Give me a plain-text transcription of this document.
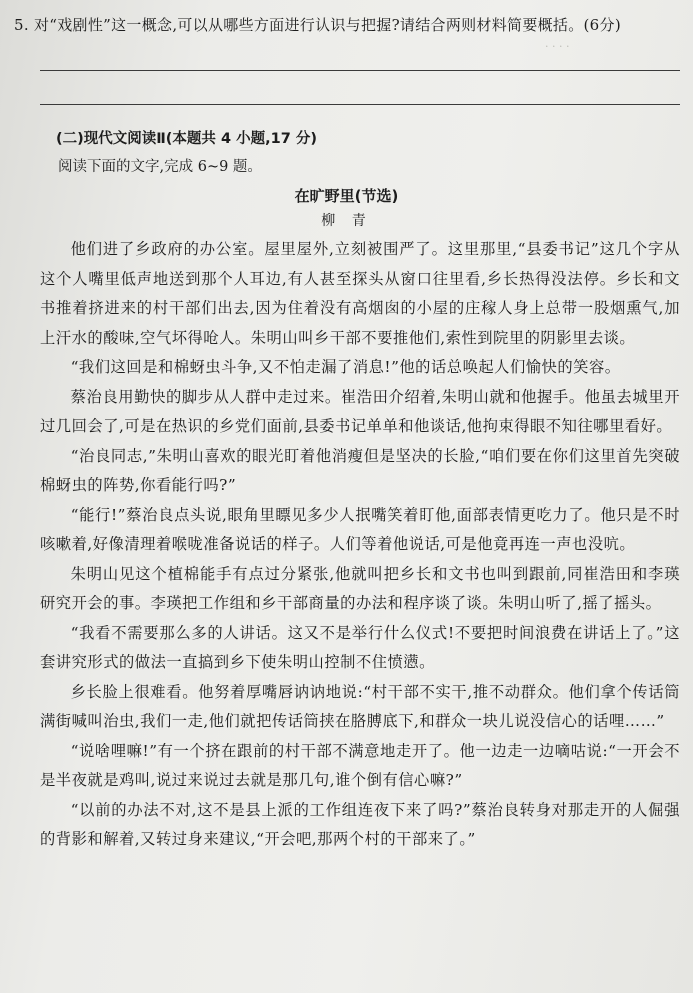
· · · ·
5. 对“戏剧性”这一概念,可以从哪些方面进行认识与把握?请结合两则材料简要概括。(6分)
(二)现代文阅读Ⅱ(本题共 4 小题,17 分)
阅读下面的文字,完成 6~9 题。
在旷野里(节选)
柳 青

他们进了乡政府的办公室。屋里屋外,立刻被围严了。这里那里,“县委书记”这几个字从这个人嘴里低声地送到那个人耳边,有人甚至探头从窗口往里看,乡长热得没法停。乡长和文书推着挤进来的村干部们出去,因为住着没有高烟囱的小屋的庄稼人身上总带一股烟熏气,加上汗水的酸味,空气坏得呛人。朱明山叫乡干部不要推他们,索性到院里的阴影里去谈。

“我们这回是和棉蚜虫斗争,又不怕走漏了消息!”他的话总唤起人们愉快的笑容。

蔡治良用勤快的脚步从人群中走过来。崔浩田介绍着,朱明山就和他握手。他虽去城里开过几回会了,可是在热识的乡党们面前,县委书记单单和他谈话,他拘束得眼不知往哪里看好。

“治良同志,”朱明山喜欢的眼光盯着他消瘦但是坚决的长脸,“咱们要在你们这里首先突破棉蚜虫的阵势,你看能行吗?”

“能行!”蔡治良点头说,眼角里瞟见多少人抿嘴笑着盯他,面部表情更吃力了。他只是不时咳嗽着,好像清理着喉咙准备说话的样子。人们等着他说话,可是他竟再连一声也没吭。

朱明山见这个植棉能手有点过分紧张,他就叫把乡长和文书也叫到跟前,同崔浩田和李瑛研究开会的事。李瑛把工作组和乡干部商量的办法和程序谈了谈。朱明山听了,摇了摇头。

“我看不需要那么多的人讲话。这又不是举行什么仪式!不要把时间浪费在讲话上了。”这套讲究形式的做法一直搞到乡下使朱明山控制不住愤懑。

乡长脸上很难看。他努着厚嘴唇讷讷地说:“村干部不实干,推不动群众。他们拿个传话筒满街喊叫治虫,我们一走,他们就把传话筒挟在胳膊底下,和群众一块儿说没信心的话哩……”

“说啥哩嘛!”有一个挤在跟前的村干部不满意地走开了。他一边走一边嘀咕说:“一开会不是半夜就是鸡叫,说过来说过去就是那几句,谁个倒有信心嘛?”

“以前的办法不对,这不是县上派的工作组连夜下来了吗?”蔡治良转身对那走开的人倔强的背影和解着,又转过身来建议,“开会吧,那两个村的干部来了。”
